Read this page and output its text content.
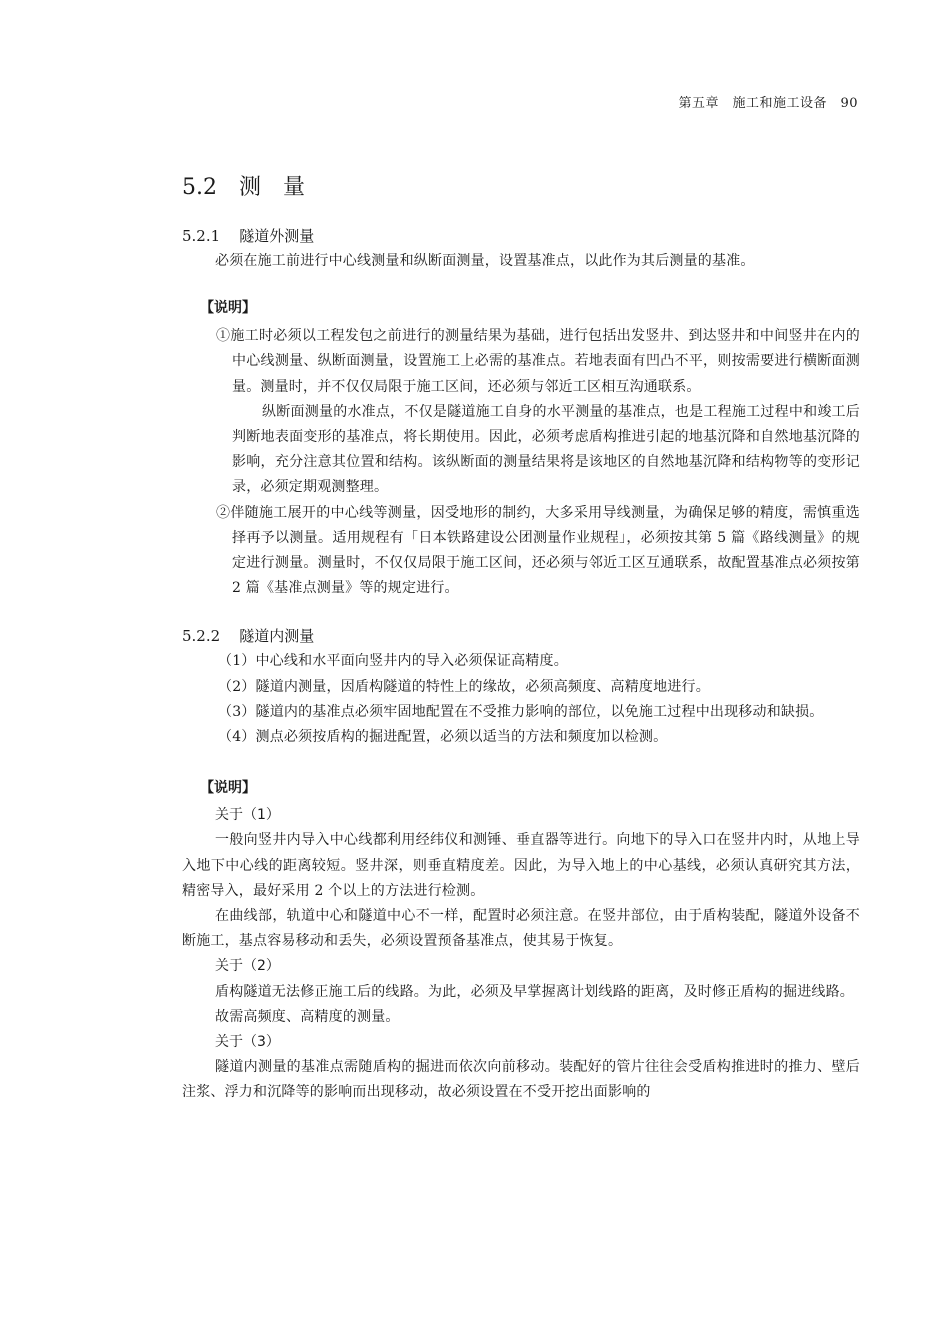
第五章　施工和施工设备　90
5.2　测　量
5.2.1 隧道外测量

必须在施工前进行中心线测量和纵断面测量，设置基准点，以此作为其后测量的基准。

【说明】

①施工时必须以工程发包之前进行的测量结果为基础，进行包括出发竖井、到达竖井和中间竖井在内的中心线测量、纵断面测量，设置施工上必需的基准点。若地表面有凹凸不平，则按需要进行横断面测量。测量时，并不仅仅局限于施工区间，还必须与邻近工区相互沟通联系。

纵断面测量的水准点，不仅是隧道施工自身的水平测量的基准点，也是工程施工过程中和竣工后判断地表面变形的基准点，将长期使用。因此，必须考虑盾构推进引起的地基沉降和自然地基沉降的影响，充分注意其位置和结构。该纵断面的测量结果将是该地区的自然地基沉降和结构物等的变形记录，必须定期观测整理。

②伴随施工展开的中心线等测量，因受地形的制约，大多采用导线测量，为确保足够的精度，需慎重选择再予以测量。适用规程有「日本铁路建设公团测量作业规程」，必须按其第 5 篇《路线测量》的规定进行测量。测量时，不仅仅局限于施工区间，还必须与邻近工区互通联系，故配置基准点必须按第 2 篇《基准点测量》等的规定进行。

5.2.2 隧道内测量

（1）中心线和水平面向竖井内的导入必须保证高精度。

（2）隧道内测量，因盾构隧道的特性上的缘故，必须高频度、高精度地进行。

（3）隧道内的基准点必须牢固地配置在不受推力影响的部位，以免施工过程中出现移动和缺损。

（4）测点必须按盾构的掘进配置，必须以适当的方法和频度加以检测。

【说明】
关于（1）

一般向竖井内导入中心线都利用经纬仪和测锤、垂直器等进行。向地下的导入口在竖井内时，从地上导入地下中心线的距离较短。竖井深，则垂直精度差。因此，为导入地上的中心基线，必须认真研究其方法，精密导入，最好采用 2 个以上的方法进行检测。

在曲线部，轨道中心和隧道中心不一样，配置时必须注意。在竖井部位，由于盾构装配，隧道外设备不断施工，基点容易移动和丢失，必须设置预备基准点，使其易于恢复。

关于（2）

盾构隧道无法修正施工后的线路。为此，必须及早掌握离计划线路的距离，及时修正盾构的掘进线路。

故需高频度、高精度的测量。

关于（3）

隧道内测量的基准点需随盾构的掘进而依次向前移动。装配好的管片往往会受盾构推进时的推力、壁后注浆、浮力和沉降等的影响而出现移动，故必须设置在不受开挖出面影响的
